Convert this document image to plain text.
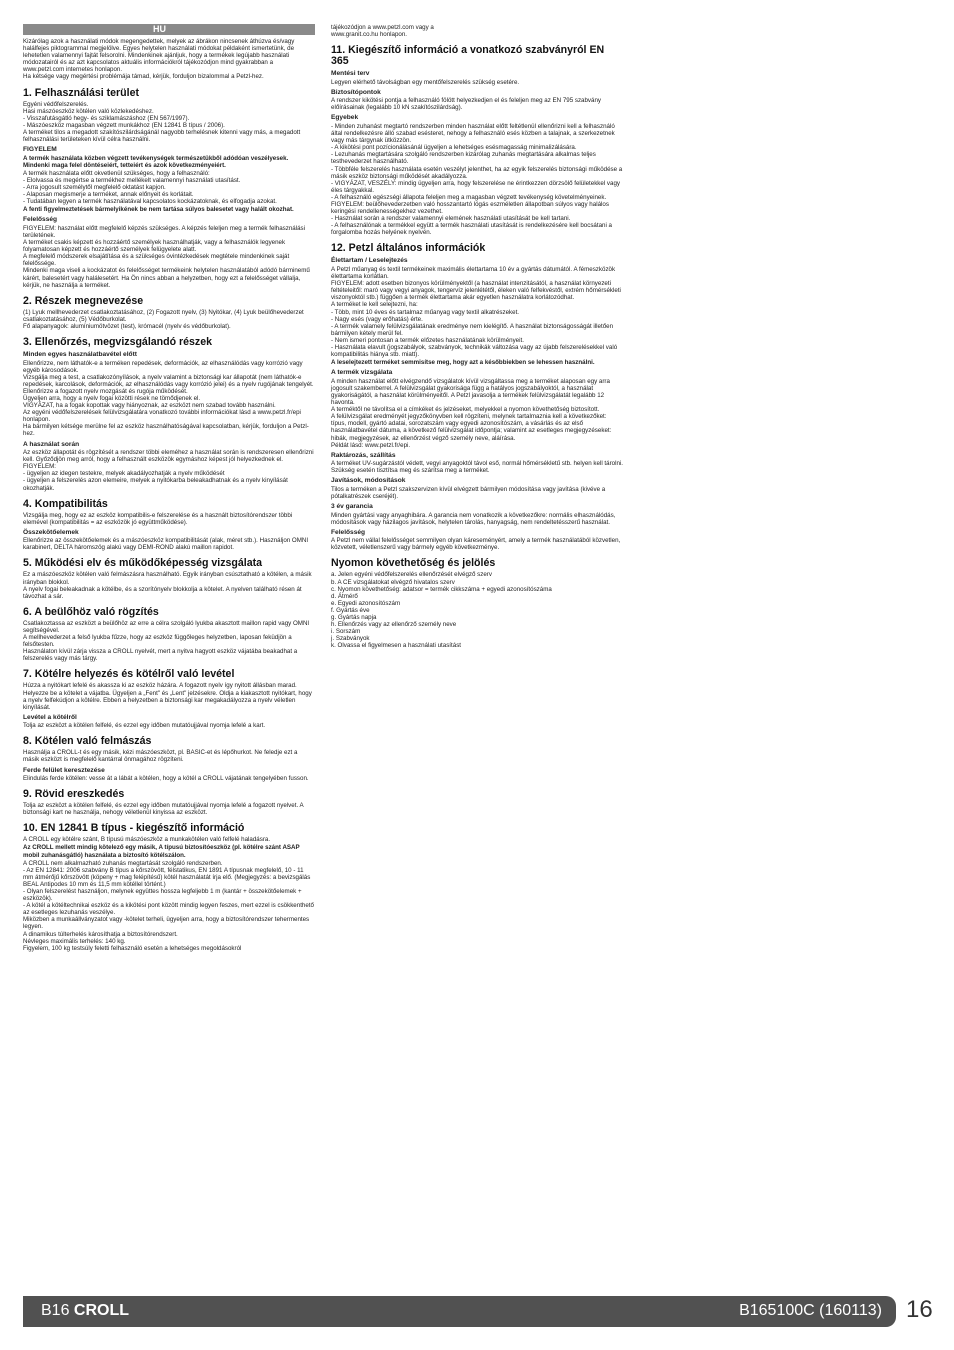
HU

Kizárólag azok a használati módok megengedettek, melyek az ábrákon nincsenek áthúzva és/vagy halálfejes piktogrammal megjelölve. Egyes helytelen használati módokat példaként ismertetünk, de lehetetlen valamennyi fajtát felsorolni. Mindenkinek ajánljuk, hogy a termékek legújabb használati módozatairól és az azt kapcsolatos aktuális információkról tájékozódjon mind gyakrabban a www.petzl.com internetes honlapon.
Ha kétsége vagy megértési problémája támad, kérjük, forduljon bizalommal a Petzl-hez.

1. Felhasználási terület

Egyéni védőfelszerelés.
Hasi mászóeszköz kötélen való közlekedéshez.
- Visszafutásgátló hegy- és sziklamászáshoz (EN 567/1997).
- Mászóeszköz magasban végzett munkákhoz (EN 12841 B típus / 2006).
A terméket tilos a megadott szakítószilárdságánál nagyobb terhelésnek kitenni vagy más, a megadott felhasználási területeken kívül célra használni.

FIGYELEM

A termék használata közben végzett tevékenységek természetükből adódóan veszélyesek.
Mindenki maga felel döntéseiért, tetteiért és azok következményeiért.

A termék használata előtt okvetlenül szükséges, hogy a felhasználó:
- Elolvassa és megértse a termékhez mellékelt valamennyi használati utasítást.
- Arra jogosult személytől megfelelő oktatást kapjon.
- Alaposan megismerje a terméket, annak előnyeit és korlátait.
- Tudatában legyen a termék használatával kapcsolatos kockázatoknak, és elfogadja azokat.

A fenti figyelmeztetések bármelyikének be nem tartása súlyos balesetet vagy halált okozhat.

Felelősség

FIGYELEM: használat előtt megfelelő képzés szükséges. A képzés feleljen meg a termék felhasználási területének.
A terméket csakis képzett és hozzáértő személyek használhatják, vagy a felhasználók legyenek folyamatosan képzett és hozzáértő személyek felügyelete alatt.
A megfelelő módszerek elsajátítása és a szükséges óvintézkedések megtétele mindenkinek saját felelőssége.
Mindenki maga viseli a kockázatot és felelősséget termékeink helytelen használatából adódó bárminemű kárért, balesetért vagy halálesetért. Ha Ön nincs abban a helyzetben, hogy ezt a felelősséget vállalja, kérjük, ne használja a terméket.

2. Részek megnevezése

(1) Lyuk mellhevederzet csatlakoztatásához, (2) Fogazott nyelv, (3) Nyitókar, (4) Lyuk beülőhevederzet csatlakoztatásához, (5) Védőburkolat.
Fő alapanyagok: alumíniumötvözet (test), krómacél (nyelv és védőburkolat).

3. Ellenőrzés, megvizsgálandó részek
Minden egyes használatbavétel előtt

Ellenőrizze, nem láthatók-e a terméken repedések, deformációk, az elhasználódás vagy korrózió vagy egyéb károsodások.
Vizsgálja meg a test, a csatlakozónyílások, a nyelv valamint a biztonsági kar állapotát (nem láthatók-e repedések, karcolások, deformációk, az elhasználódás vagy korrózió jelei) és a nyelv rugójának tengelyét.
Ellenőrizze a fogazott nyelv mozgását és rugója működését.
Ügyeljen arra, hogy a nyelv fogai közötti rések ne tömődjenek el.
VIGYÁZAT, ha a fogak kopottak vagy hiányoznak, az eszközt nem szabad tovább használni.
Az egyéni védőfelszerelések felülvizsgálatára vonatkozó további információkat lásd a www.petzl.fr/epi honlapon.
Ha bármilyen kétsége merülne fel az eszköz használhatóságával kapcsolatban, kérjük, forduljon a Petzl-hez.

A használat során

Az eszköz állapotát és rögzítését a rendszer többi eleméhez a használat során is rendszeresen ellenőrizni kell. Győződjön meg arról, hogy a felhasznált eszközök egymáshoz képest jól helyezkednek el.
FIGYELEM:
- ügyeljen az idegen testekre, melyek akadályozhatják a nyelv működését
- ügyeljen a felszerelés azon elemeire, melyek a nyitókarba beleakadhatnak és a nyelv kinyílását okozhatják.

4. Kompatibilitás

Vizsgálja meg, hogy ez az eszköz kompatibilis-e felszerelése és a használt biztosítórendszer többi elemével (kompatibilitás = az eszközök jó együttműködése).

Összekötőelemek

Ellenőrizze az összekötőelemek és a mászóeszköz kompatibilitását (alak, méret stb.). Használjon OMNI karabinert, DELTA háromszög alakú vagy DEMI-ROND alakú maillon rapidot.

5. Működési elv és működőképesség vizsgálata

Ez a mászóeszköz kötélen való felmászásra használható. Egyik irányban csúsztatható a kötélen, a másik irányban blokkol.
A nyelv fogai beleakadnak a kötélbe, és a szorítónyelv blokkolja a kötelet. A nyelven található résen át távozhat a sár.

6. A beülőhöz való rögzítés

Csatlakoztassa az eszközt a beülőhöz az erre a célra szolgáló lyukba akasztott maillon rapid vagy OMNI segítségével.
A mellhevederzet a felső lyukba fűzze, hogy az eszköz függőleges helyzetben, laposan feküdjön a felsőtesten.
Használaton kívül zárja vissza a CROLL nyelvét, mert a nyitva hagyott eszköz vájatába beakadhat a felszerelés vagy más tárgy.

7. Kötélre helyezés és kötélről való levétel

Húzza a nyitókart lefelé és akassza ki az eszköz házára. A fogazott nyelv így nyitott állásban marad.
Helyezze be a kötelet a vájatba. Ügyeljen a „Fent" és „Lent" jelzésekre. Oldja a kiakasztott nyitókart, hogy a nyelv felfekúdjon a kötélre. Ebben a helyzetben a biztonsági kar megakadályozza a nyelv véletlen kinyílását.

Levétel a kötélről

Tolja az eszközt a kötélen felfelé, és ezzel egy időben mutatóujjával nyomja lefelé a kart.

8. Kötélen való felmászás

Használja a CROLL-t és egy másik, kézi mászóeszközt, pl. BASIC-et és lépőhurkot. Ne feledje ezt a másik eszközt is megfelelő kantárral önmagához rögzíteni.

Ferde felület keresztezése

Elindulás ferde kötélen: vesse át a lábát a kötélen, hogy a kötél a CROLL vájatának tengelyében fusson.

9. Rövid ereszkedés

Tolja az eszközt a kötélen felfelé, és ezzel egy időben mutatóujjával nyomja lefelé a fogazott nyelvet. A biztonsági kart ne használja, nehogy véletlenül kinyissa az eszközt.

10. EN 12841 B típus - kiegészítő információ

A CROLL egy kötélre szánt, B típusú mászóeszköz a munkakötélen való felfelé haladásra.

Az CROLL mellett mindig kötelező egy másik, A típusú biztosítóeszköz (pl. kötélre szánt ASAP mobil zuhanásgátló) használata a biztosító kötélszálon.

A CROLL nem alkalmazható zuhanás megtartását szolgáló rendszerben.
- Az EN 12841: 2006 szabvány B típus a kőrszövött, félstatikus, EN 1891 A típusnak megfelelő, 10 - 11 mm átmérőjű kőrszövött (köpeny + mag felépítésű) kötél használatát írja elő. (Megjegyzés: a bevizsgálás BEAL Antipodes 10 mm és 11,5 mm kötéllel történt.)
- Olyan felszerelést használjon, melynek együttes hossza legfeljebb 1 m (kantár + összekötőelemek + eszközök).
- A kötél a kötéltechnikai eszköz és a kikötési pont között mindig legyen feszes, mert ezzel is csökkenthető az esetleges lezuhanás veszélye.
Miközben a munkaállványzatot vagy -kötelet terheli, ügyeljen arra, hogy a biztosítórendszer tehermentes legyen.
A dinamikus túlterhelés károsíthatja a biztosítórendszert.
Névleges maximális terhelés: 140 kg.
Figyelem, 100 kg testsúly feletti felhasználó esetén a lehetséges megoldásokról

tájékozódjon a www.petzl.com vagy a
www.granit.co.hu honlapon.

11. Kiegészítő információ a vonatkozó szabványról EN 365
Mentési terv

Legyen elérhető távolságban egy mentőfelszerelés szükség esetére.

Biztosítópontok

A rendszer kikötési pontja a felhasználó fölött helyezkedjen el és feleljen meg az EN 795 szabvány előírásainak (legalább 10 kN szakítószilárdság).

Egyebek

- Minden zuhanást megtartó rendszerben minden használat előtt feltétlenül ellenőrizni kell a felhasználó által rendelkezésre álló szabad esésteret, nehogy a felhasználó esés közben a talajnak, a szerkezetnek vagy más tárgynak ütközzön.
- A kikötési pont pozícionálásánál ügyeljen a lehetséges esésmagasság minimalizálására.
- Lezuhanás megtartására szolgáló rendszerben kizárólag zuhanás megtartására alkalmas teljes testhevederzet használható.
- Többféle felszerelés használata esetén veszélyt jelenthet, ha az egyik felszerelés biztonsági működése a másik eszköz biztonsági működését akadályozza.
- VIGYÁZAT, VESZÉLY: mindig ügyeljen arra, hogy felszerelése ne érintkezzen dörzsölő felületekkel vagy éles tárgyakkal.
- A felhasználó egészségi állapota feleljen meg a magasban végzett tevékenység követelményeinek. FIGYELEM: beülőhevederzetben való hosszantartó lógás eszméletlen állapotban súlyos vagy halálos keringési rendellenességekhez vezethet.
- Használat során a rendszer valamennyi elemének használati utasítását be kell tartani.
- A felhasználónak a termékkel együtt a termék használati utasítását is rendelkezésére kell bocsátani a forgalomba hozás helyének nyelvén.

12. Petzl általános információk
Élettartam / Leselejtezés

A Petzl műanyag és textil termékeinek maximális élettartama 10 év a gyártás dátumától. A fémeszközök élettartama korlátlan.
FIGYELEM: adott esetben bizonyos körülményektől (a használat intenzitásától, a használat környezeti feltételeitől: maró vagy vegyi anyagok, tengervíz jelenlététől, éleken való felfekvéstől, extrém hőmérsékleti viszonyoktól stb.) függően a termék élettartama akár egyetlen használatra korlátozódhat.
A terméket le kell selejtezni, ha:
- Több, mint 10 éves és tartalmaz műanyag vagy textil alkatrészeket.
- Nagy esés (vagy erőhatás) érte.
- A termék valamely felülvizsgálatának eredménye nem kielégítő. A használat biztonságosságát illetően bármilyen kétely merül fel.
- Nem ismeri pontosan a termék előzetes használatának körülményeit.
- Használata elavult (jogszabályok, szabványok, technikák változása vagy az újabb felszerelésekkel való kompatibilitás hiánya stb. miatt).

A leselejtezett terméket semmisítse meg, hogy azt a későbbiekben se lehessen használni.

A termék vizsgálata

A minden használat előtt elvégzendő vizsgálatok kívül vizsgáltassa meg a terméket alaposan egy arra jogosult szakemberrel. A felülvizsgálat gyakorisága függ a hatályos jogszabályoktól, a használat gyakoriságától, a használat körülményeitől. A Petzl javasolja a termékek felülvizsgálatát legalább 12 havonta.
A terméktől ne távolítsa el a címkéket és jelzéseket, melyekkel a nyomon követhetőség biztosított.
A felülvizsgálat eredményét jegyzőkönyvben kell rögzíteni, melynek tartalmaznia kell a következőket: típus, modell, gyártó adatai, sorozatszám vagy egyedi azonosítószám, a vásárlás és az első használatbavétel dátuma, a következő felülvizsgálat időpontja; valamint az esetleges megjegyzéseket: hibák, megjegyzések, az ellenőrzést végző személy neve, aláírása.
Példát lásd: www.petzl.fr/epi.

Raktározás, szállítás

A terméket UV-sugárzástól védett, vegyi anyagoktól távol eső, normál hőmérsékletű stb. helyen kell tárolni. Szükség esetén tisztítsa meg és szárítsa meg a terméket.

Javítások, módosítások

Tilos a terméken a Petzl szakszervizen kívül elvégzett bármilyen módosítása vagy javítása (kivéve a pótalkatrészek cseréjét).

3 év garancia

Minden gyártási vagy anyaghibára. A garancia nem vonatkozik a következőkre: normális elhasználódás, módosítások vagy házilagos javítások, helytelen tárolás, hanyagság, nem rendeltetésszerű használat.

Felelősség

A Petzl nem vállal felelősséget semmilyen olyan káreseményért, amely a termék használatából közvetlen, közvetett, véletlenszerű vagy bármely egyéb következménye.

Nyomon követhetőség és jelölés

a. Jelen egyéni védőfelszerelés ellenőrzését elvégző szerv
b. A CE vizsgálatokat elvégző hivatalos szerv
c. Nyomon követhetőség: adatsor = termék cikkszáma + egyedi azonosítószáma
d. Átmérő
e. Egyedi azonosítószám
f. Gyártás éve
g. Gyártás napja
h. Ellenőrzés vagy az ellenőrző személy neve
i. Sorszám
j. Szabványok
k. Olvassa el figyelmesen a használati utasítást

B16 CROLL	B165100C (160113) 16
